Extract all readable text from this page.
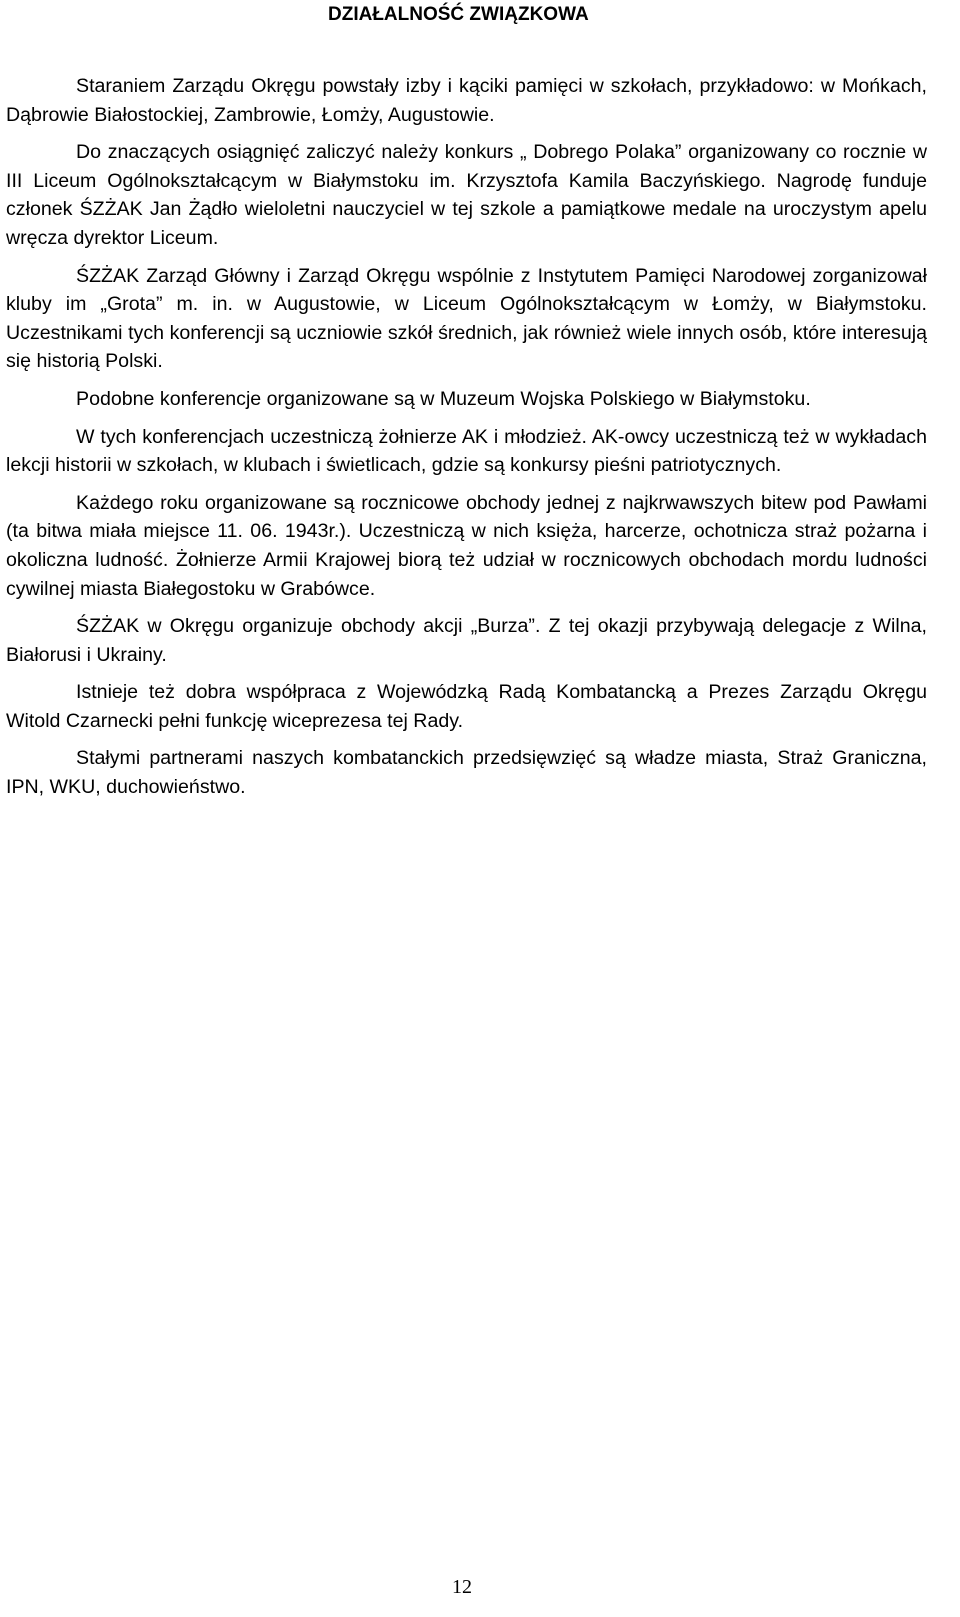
DZIAŁALNOŚĆ ZWIĄZKOWA

Staraniem Zarządu Okręgu powstały izby i kąciki pamięci w szkołach, przykładowo: w Mońkach, Dąbrowie Białostockiej, Zambrowie, Łomży, Augustowie.

Do znaczących osiągnięć zaliczyć należy konkurs „ Dobrego Polaka” organizowany co rocznie w III Liceum Ogólnokształcącym w Białymstoku im. Krzysztofa Kamila Baczyńskiego. Nagrodę funduje członek ŚZŻAK Jan Żądło wieloletni nauczyciel w tej szkole a pamiątkowe medale na uroczystym apelu wręcza dyrektor Liceum.

ŚZŻAK Zarząd Główny i Zarząd Okręgu wspólnie z Instytutem Pamięci Narodowej zorganizował kluby im „Grota” m. in. w Augustowie, w Liceum Ogólnokształcącym w Łomży, w Białymstoku. Uczestnikami tych konferencji są uczniowie szkół średnich, jak również wiele innych osób, które interesują się historią Polski.

Podobne konferencje organizowane są w Muzeum Wojska Polskiego w Białymstoku.

W tych konferencjach uczestniczą żołnierze AK i młodzież. AK-owcy uczestniczą też w wykładach lekcji historii w szkołach, w klubach i świetlicach, gdzie są konkursy pieśni patriotycznych.

Każdego roku organizowane są rocznicowe obchody jednej z najkrwawszych bitew pod Pawłami (ta bitwa miała miejsce 11. 06. 1943r.). Uczestniczą w nich księża, harcerze, ochotnicza straż pożarna i okoliczna ludność. Żołnierze Armii Krajowej biorą też udział w rocznicowych obchodach mordu ludności cywilnej miasta Białegostoku w Grabówce.

ŚZŻAK w Okręgu organizuje obchody akcji „Burza”. Z tej okazji przybywają delegacje z Wilna, Białorusi i Ukrainy.

Istnieje też dobra współpraca z Wojewódzką Radą Kombatancką a Prezes Zarządu Okręgu Witold Czarnecki pełni funkcję wiceprezesa tej Rady.

Stałymi partnerami naszych kombatanckich przedsięwzięć są władze miasta, Straż Graniczna, IPN, WKU, duchowieństwo.

12
